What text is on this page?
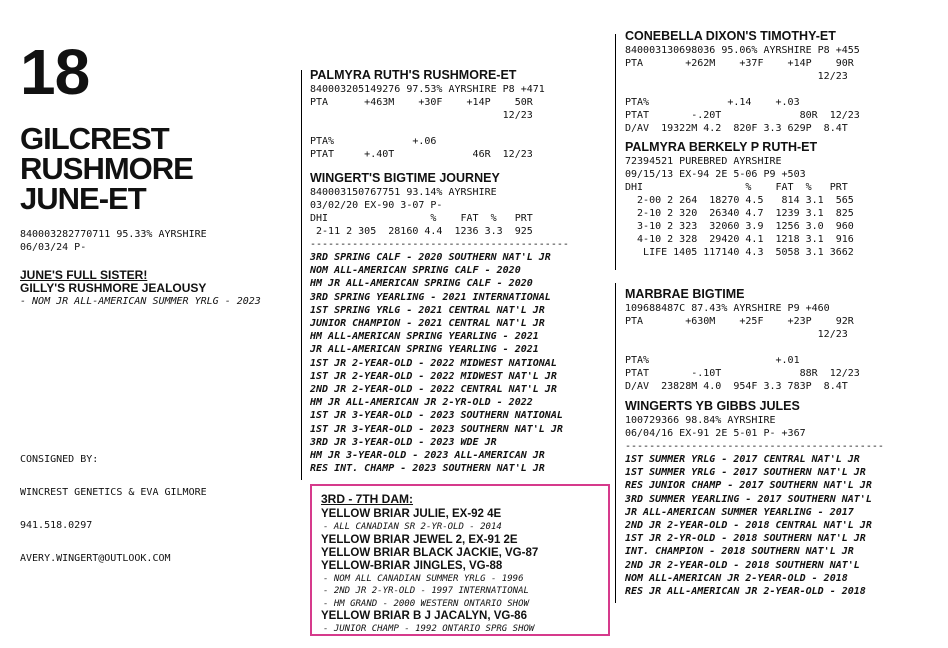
18
GILCREST
RUSHMORE
JUNE-ET
840003282770711 95.33% AYRSHIRE
06/03/24 P-
JUNE'S FULL SISTER!
GILLY'S RUSHMORE JEALOUSY
- NOM JR ALL-AMERICAN SUMMER YRLG - 2023

CONSIGNED BY:

WINCREST GENETICS & EVA GILMORE

941.518.0297

AVERY.WINGERT@OUTLOOK.COM

PALMYRA RUTH'S RUSHMORE-ET
840003205149276 97.53% AYRSHIRE P8 +471
PTA      +463M    +30F    +14P    50R
12/23

PTA%             +.06
PTAT     +.40T             46R  12/23
WINGERT'S BIGTIME JOURNEY
840003150767751 93.14% AYRSHIRE
03/02/20 EX-90 3-07 P-
DHI                 %    FAT  %   PRT
2-11 2 305  28160 4.4  1236 3.3  925
-------------------------------------------
3RD SPRING CALF - 2020 SOUTHERN NAT'L JR
NOM ALL-AMERICAN SPRING CALF - 2020
HM JR ALL-AMERICAN SPRING CALF - 2020
3RD SPRING YEARLING - 2021 INTERNATIONAL
1ST SPRING YRLG - 2021 CENTRAL NAT'L JR
JUNIOR CHAMPION - 2021 CENTRAL NAT'L JR
HM ALL-AMERICAN SPRING YEARLING - 2021
JR ALL-AMERICAN SPRING YEARLING - 2021
1ST JR 2-YEAR-OLD - 2022 MIDWEST NATIONAL
1ST JR 2-YEAR-OLD - 2022 MIDWEST NAT'L JR
2ND JR 2-YEAR-OLD - 2022 CENTRAL NAT'L JR
HM JR ALL-AMERICAN JR 2-YR-OLD - 2022
1ST JR 3-YEAR-OLD - 2023 SOUTHERN NATIONAL
1ST JR 3-YEAR-OLD - 2023 SOUTHERN NAT'L JR
3RD JR 3-YEAR-OLD - 2023 WDE JR
HM JR 3-YEAR-OLD - 2023 ALL-AMERICAN JR
RES INT. CHAMP - 2023 SOUTHERN NAT'L JR
3RD - 7TH DAM:
YELLOW BRIAR JULIE, EX-92 4E
- ALL CANADIAN SR 2-YR-OLD - 2014
YELLOW BRIAR JEWEL 2, EX-91 2E
YELLOW BRIAR BLACK JACKIE, VG-87
YELLOW-BRIAR JINGLES, VG-88
- NOM ALL CANADIAN SUMMER YRLG - 1996
- 2ND JR 2-YR-OLD - 1997 INTERNATIONAL
- HM GRAND - 2000 WESTERN ONTARIO SHOW
YELLOW BRIAR B J JACALYN, VG-86
- JUNIOR CHAMP - 1992 ONTARIO SPRG SHOW
CONEBELLA DIXON'S TIMOTHY-ET
840003130698036 95.06% AYRSHIRE P8 +455
PTA       +262M    +37F    +14P    90R
12/23

PTA%             +.14    +.03
PTAT       -.20T             80R  12/23
D/AV  19322M 4.2  820F 3.3 629P  8.4T
PALMYRA BERKELY P RUTH-ET
72394521 PUREBRED AYRSHIRE
09/15/13 EX-94 2E 5-06 P9 +503
DHI                 %    FAT  %   PRT
2-00 2 264  18270 4.5   814 3.1  565
2-10 2 320  26340 4.7  1239 3.1  825
3-10 2 323  32060 3.9  1256 3.0  960
4-10 2 328  29420 4.1  1218 3.1  916
LIFE 1405 117140 4.3  5058 3.1 3662
MARBRAE BIGTIME
109688487C 87.43% AYRSHIRE P9 +460
PTA       +630M    +25F    +23P    92R
12/23

PTA%                     +.01
PTAT       -.10T             88R  12/23
D/AV  23828M 4.0  954F 3.3 783P  8.4T
WINGERTS YB GIBBS JULES
100729366 98.84% AYRSHIRE
06/04/16 EX-91 2E 5-01 P- +367
-------------------------------------------
1ST SUMMER YRLG - 2017 CENTRAL NAT'L JR
1ST SUMMER YRLG - 2017 SOUTHERN NAT'L JR
RES JUNIOR CHAMP - 2017 SOUTHERN NAT'L JR
3RD SUMMER YEARLING - 2017 SOUTHERN NAT'L
JR ALL-AMERICAN SUMMER YEARLING - 2017
2ND JR 2-YEAR-OLD - 2018 CENTRAL NAT'L JR
1ST JR 2-YR-OLD - 2018 SOUTHERN NAT'L JR
INT. CHAMPION - 2018 SOUTHERN NAT'L JR
2ND JR 2-YEAR-OLD - 2018 SOUTHERN NAT'L
NOM ALL-AMERICAN JR 2-YEAR-OLD - 2018
RES JR ALL-AMERICAN JR 2-YEAR-OLD - 2018
